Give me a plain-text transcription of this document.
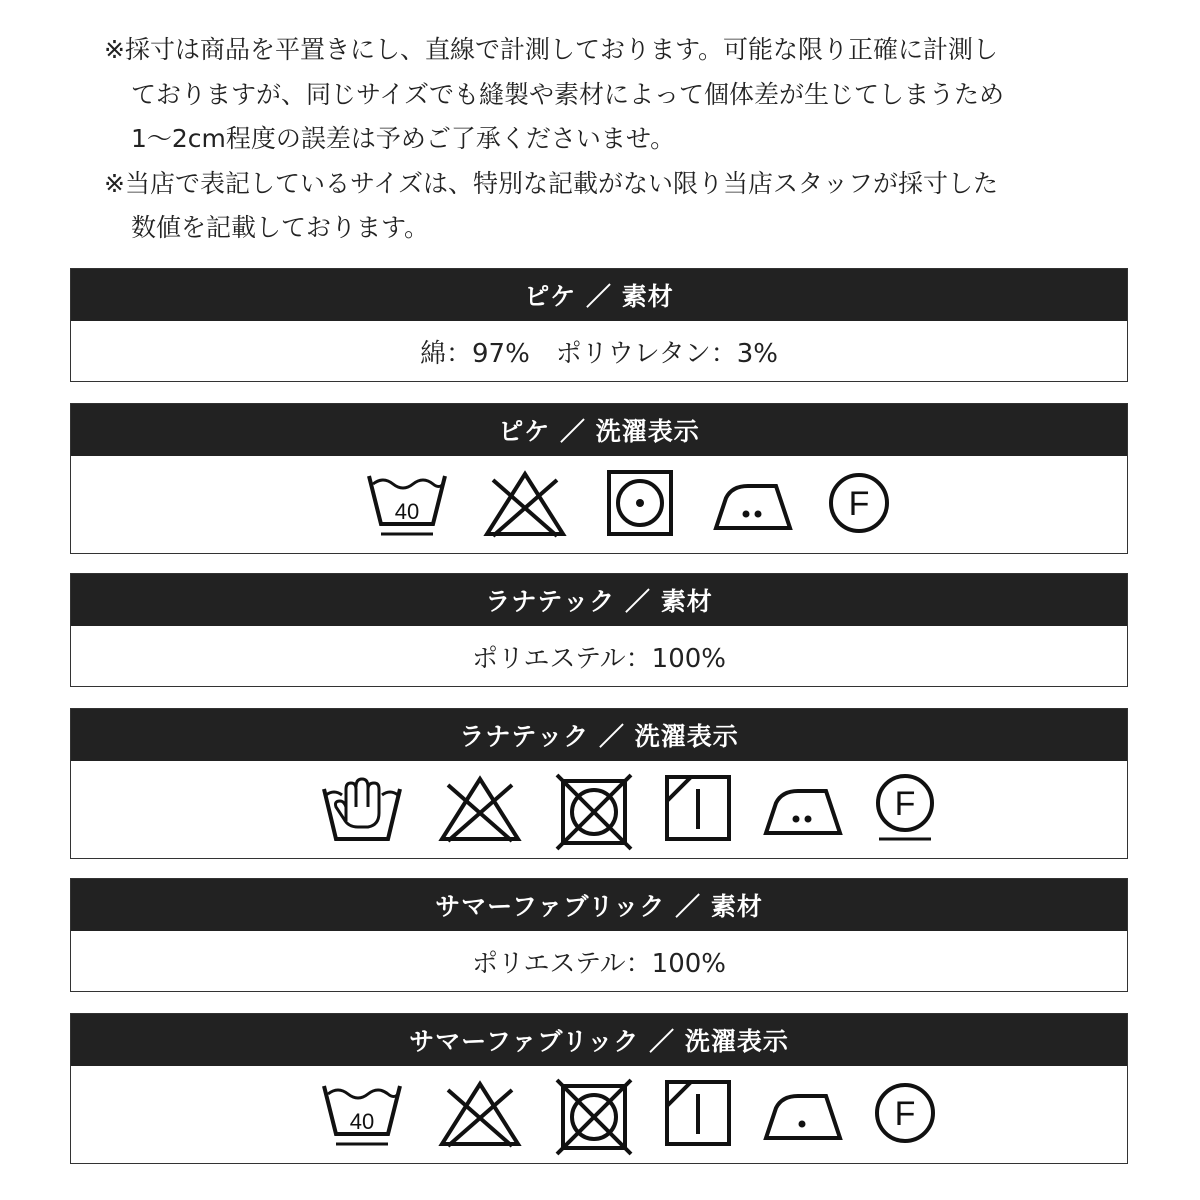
※採寸は商品を平置きにし、直線で計測しております。可能な限り正確に計測し
ておりますが、同じサイズでも縫製や素材によって個体差が生じてしまうため
1～2cm程度の誤差は予めご了承くださいませ。

※当店で表記しているサイズは、特別な記載がない限り当店スタッフが採寸した
数値を記載しております。

ピケ ／ 素材
綿：97%　ポリウレタン：3%
ピケ ／ 洗濯表示
40	F
ラナテック ／ 素材
ポリエステル：100%
ラナテック ／ 洗濯表示
F
サマーファブリック ／ 素材
ポリエステル：100%
サマーファブリック ／ 洗濯表示
40	F
